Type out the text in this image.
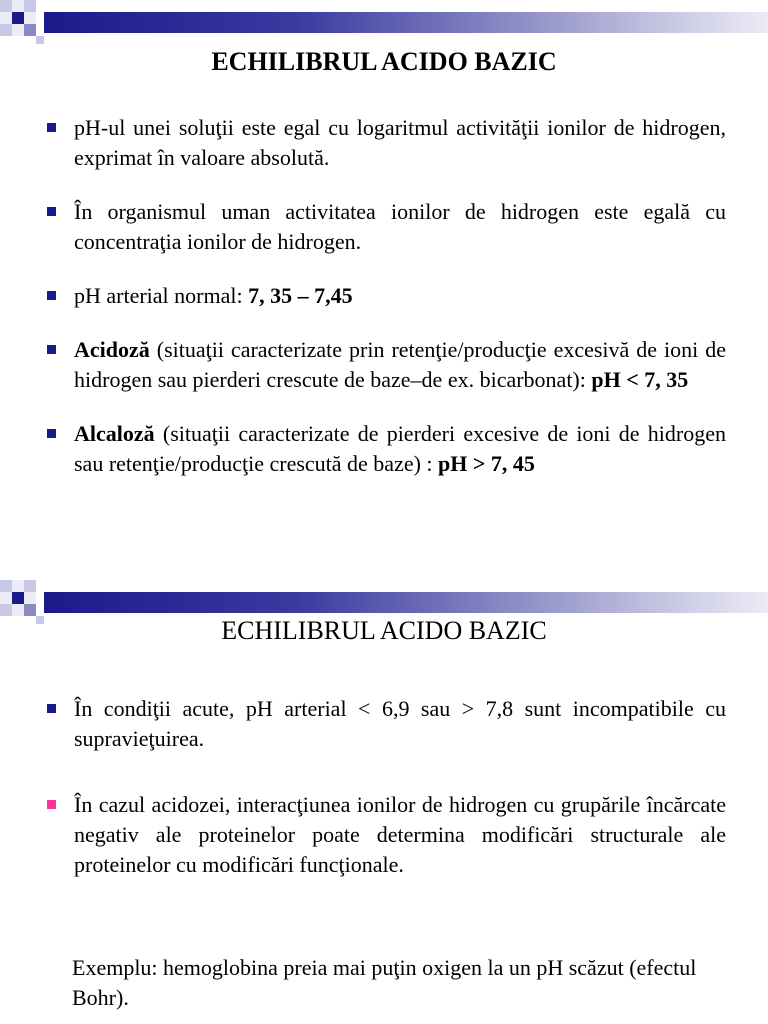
ECHILIBRUL ACIDO BAZIC
pH-ul unei soluţii este egal cu logaritmul activităţii ionilor de hidrogen, exprimat în valoare absolută.
În organismul uman activitatea ionilor de hidrogen este egală cu concentraţia ionilor de hidrogen.
pH arterial normal: 7, 35 – 7,45
Acidoză (situaţii caracterizate prin retenţie/producţie excesivă de ioni de hidrogen sau pierderi crescute de baze–de ex. bicarbonat): pH < 7, 35
Alcaloză (situaţii caracterizate de pierderi excesive de ioni de hidrogen sau retenţie/producţie crescută de baze) : pH > 7, 45
ECHILIBRUL ACIDO BAZIC
În condiţii acute, pH arterial < 6,9 sau > 7,8 sunt incompatibile cu supravieţuirea.
În cazul acidozei, interacţiunea ionilor de hidrogen cu grupările încărcate negativ ale proteinelor poate determina modificări structurale ale proteinelor cu modificări funcţionale.
Exemplu: hemoglobina preia mai puţin oxigen la un pH scăzut (efectul Bohr).
